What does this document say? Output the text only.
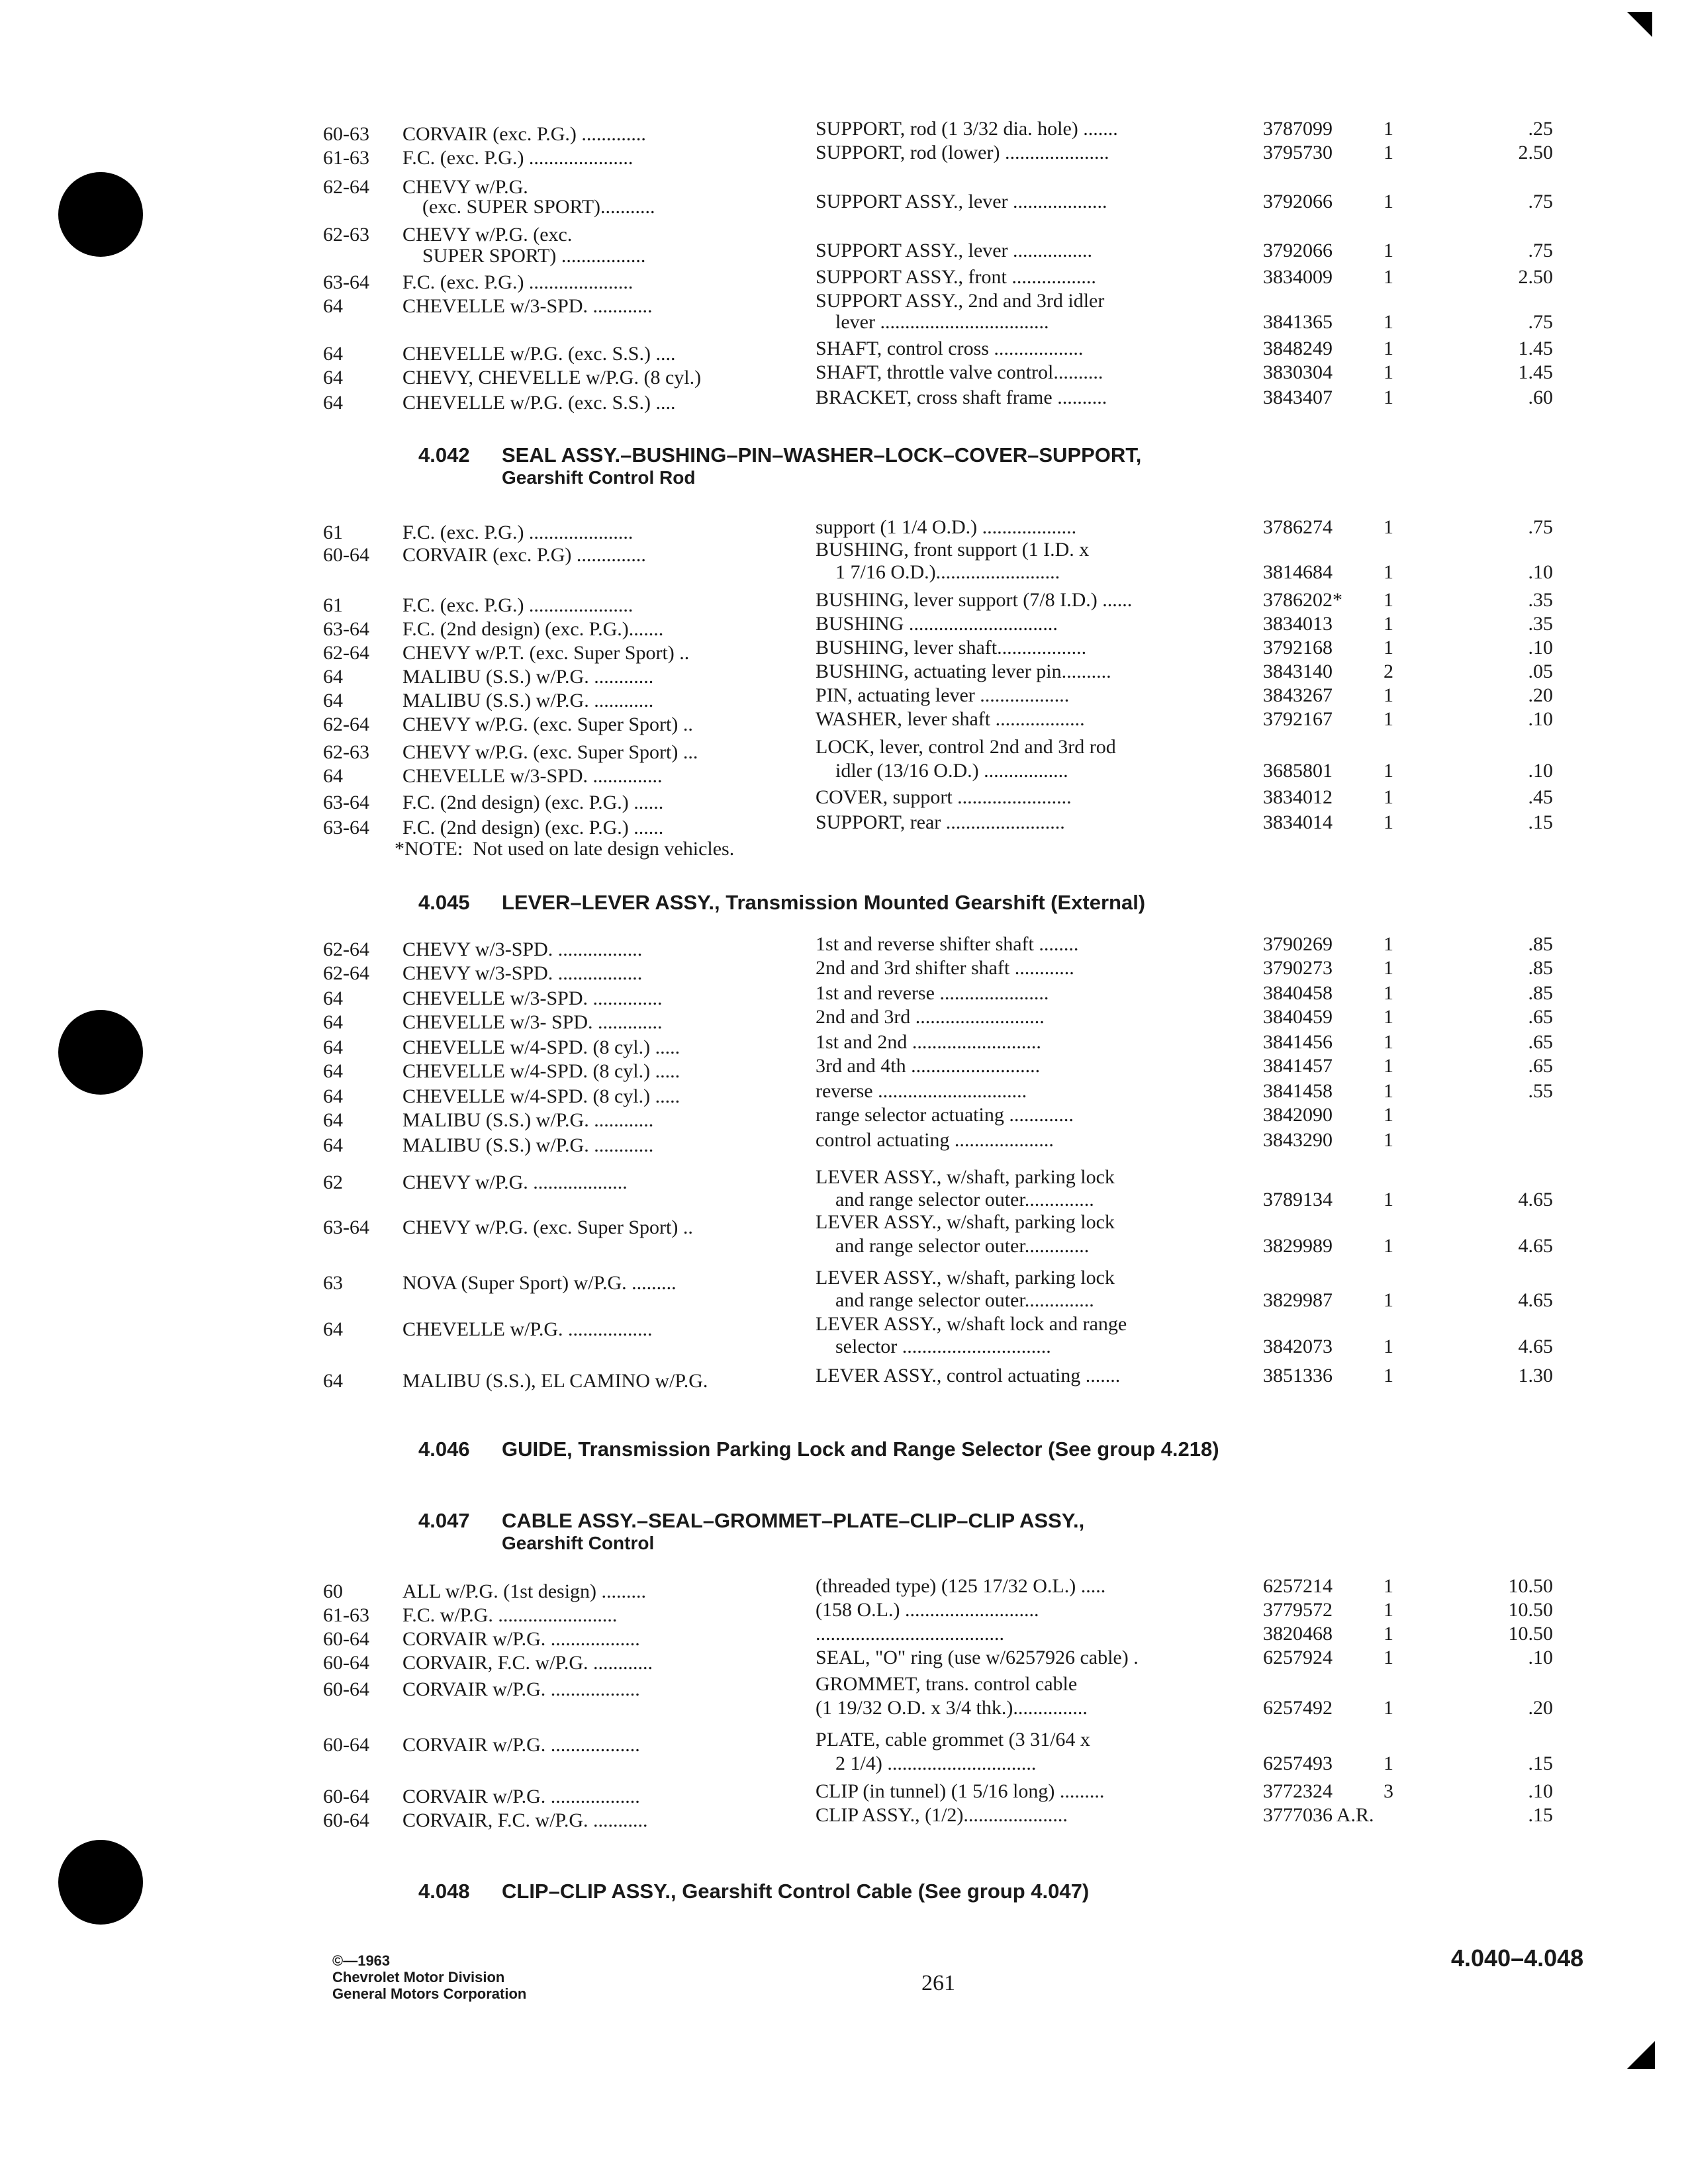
60-63 CORVAIR (exc. P.G.) .............	SUPPORT, rod (1 3/32 dia. hole) .......	3787099	1	.25
61-63 F.C. (exc. P.G.) .....................	SUPPORT, rod (lower) .....................	3795730	1	2.50
62-64 CHEVY w/P.G.
(exc. SUPER SPORT)...........	SUPPORT ASSY., lever ...................	3792066	1	.75
62-63 CHEVY w/P.G. (exc.
SUPER SPORT) .................	SUPPORT ASSY., lever ................	3792066	1	.75
63-64 F.C. (exc. P.G.) .....................	SUPPORT ASSY., front .................	3834009	1	2.50
64	CHEVELLE w/3-SPD. ............	SUPPORT ASSY., 2nd and 3rd idler
lever ..................................	3841365	1	.75
64	CHEVELLE w/P.G. (exc. S.S.) ....	SHAFT, control cross ..................	3848249	1	1.45
64	CHEVY, CHEVELLE w/P.G. (8 cyl.)	SHAFT, throttle valve control..........	3830304	1	1.45
64	CHEVELLE w/P.G. (exc. S.S.) ....	BRACKET, cross shaft frame ..........	3843407	1	.60
4.042 SEAL ASSY.–BUSHING–PIN–WASHER–LOCK–COVER–SUPPORT,
Gearshift Control Rod
61	F.C. (exc. P.G.) .....................	support (1 1/4 O.D.) ...................	3786274	1	.75
60-64 CORVAIR (exc. P.G) ..............	BUSHING, front support (1 I.D. x
1 7/16 O.D.).........................	3814684	1	.10
61	F.C. (exc. P.G.) .....................	BUSHING, lever support (7/8 I.D.) ......	3786202* 1	.35
63-64 F.C. (2nd design) (exc. P.G.).......	BUSHING ..............................	3834013	1	.35
62-64 CHEVY w/P.T. (exc. Super Sport) ..	BUSHING, lever shaft..................	3792168	1	.10
64	MALIBU (S.S.) w/P.G. ............	BUSHING, actuating lever pin..........	3843140	2	.05
64	MALIBU (S.S.) w/P.G. ............	PIN, actuating lever ..................	3843267	1	.20
62-64 CHEVY w/P.G. (exc. Super Sport) ..	WASHER, lever shaft ..................	3792167	1	.10
62-63 CHEVY w/P.G. (exc. Super Sport) ...	LOCK, lever, control 2nd and 3rd rod
64	CHEVELLE w/3-SPD. ..............	idler (13/16 O.D.) .................	3685801	1	.10
63-64 F.C. (2nd design) (exc. P.G.) ......	COVER, support .......................	3834012	1	.45
63-64 F.C. (2nd design) (exc. P.G.) ......	SUPPORT, rear ........................	3834014	1	.15
4.045 LEVER–LEVER ASSY., Transmission Mounted Gearshift (External)
62-64 CHEVY w/3-SPD. .................	1st and reverse shifter shaft ........	3790269	1	.85
62-64 CHEVY w/3-SPD. .................	2nd and 3rd shifter shaft ............	3790273	1	.85
64	CHEVELLE w/3-SPD. ..............	1st and reverse ......................	3840458	1	.85
64	CHEVELLE w/3- SPD. .............	2nd and 3rd ..........................	3840459	1	.65
64	CHEVELLE w/4-SPD. (8 cyl.) .....	1st and 2nd ..........................	3841456	1	.65
64	CHEVELLE w/4-SPD. (8 cyl.) .....	3rd and 4th ..........................	3841457	1	.65
64	CHEVELLE w/4-SPD. (8 cyl.) .....	reverse ..............................	3841458	1	.55
64	MALIBU (S.S.) w/P.G. ............	range selector actuating .............	3842090	1
64	MALIBU (S.S.) w/P.G. ............	control actuating ....................	3843290	1
62	CHEVY w/P.G. ...................	LEVER ASSY., w/shaft, parking lock
and range selector outer..............	3789134	1	4.65
63-64 CHEVY w/P.G. (exc. Super Sport) ..	LEVER ASSY., w/shaft, parking lock
and range selector outer.............	3829989	1	4.65
63	NOVA (Super Sport) w/P.G. .........	LEVER ASSY., w/shaft, parking lock
and range selector outer..............	3829987	1	4.65
64	CHEVELLE w/P.G. .................	LEVER ASSY., w/shaft lock and range
selector ..............................	3842073	1	4.65
64	MALIBU (S.S.), EL CAMINO w/P.G.	LEVER ASSY., control actuating .......	3851336	1	1.30
4.046 GUIDE, Transmission Parking Lock and Range Selector (See group 4.218)
4.047 CABLE ASSY.–SEAL–GROMMET–PLATE–CLIP–CLIP ASSY.,
Gearshift Control
60	ALL w/P.G. (1st design) .........	(threaded type) (125 17/32 O.L.) .....	6257214	1	10.50
61-63 F.C. w/P.G. ........................	(158 O.L.) ...........................	3779572	1	10.50
60-64 CORVAIR w/P.G. ..................	......................................	3820468	1	10.50
60-64 CORVAIR, F.C. w/P.G. ............	SEAL, "O" ring (use w/6257926 cable) .	6257924	1	.10
60-64 CORVAIR w/P.G. ..................	GROMMET, trans. control cable
(1 19/32 O.D. x 3/4 thk.)...............	6257492	1	.20
60-64 CORVAIR w/P.G. ..................	PLATE, cable grommet (3 31/64 x
2 1/4) ..............................	6257493	1	.15
60-64 CORVAIR w/P.G. ..................	CLIP (in tunnel) (1 5/16 long) .........	3772324	3	.10
60-64 CORVAIR, F.C. w/P.G. ...........	CLIP ASSY., (1/2).....................	3777036 A.R.	.15
4.048 CLIP–CLIP ASSY., Gearshift Control Cable (See group 4.047)
*NOTE:  Not used on late design vehicles.
©—1963
Chevrolet Motor Division
General Motors Corporation	261
4.040–4.048
